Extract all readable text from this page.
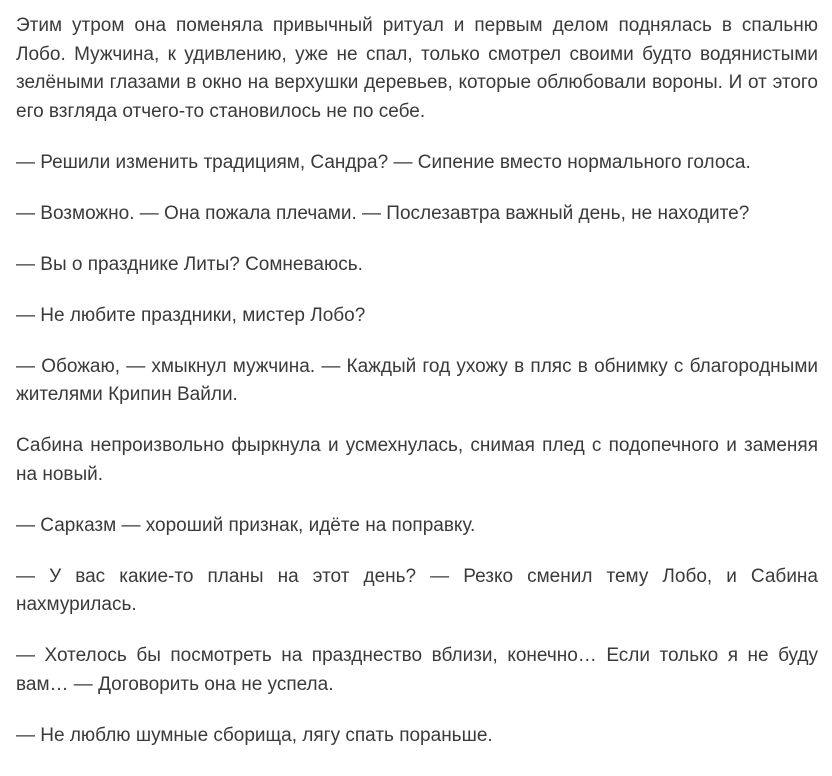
Этим утром она поменяла привычный ритуал и первым делом поднялась в спальню Лобо. Мужчина, к удивлению, уже не спал, только смотрел своими будто водянистыми зелёными глазами в окно на верхушки деревьев, которые облюбовали вороны. И от этого его взгляда отчего-то становилось не по себе.

— Решили изменить традициям, Сандра? — Сипение вместо нормального голоса.

— Возможно. — Она пожала плечами. — Послезавтра важный день, не находите?

— Вы о празднике Литы? Сомневаюсь.

— Не любите праздники, мистер Лобо?

— Обожаю, — хмыкнул мужчина. — Каждый год ухожу в пляс в обнимку с благородными жителями Крипин Вайли.

Сабина непроизвольно фыркнула и усмехнулась, снимая плед с подопечного и заменяя на новый.

— Сарказм — хороший признак, идёте на поправку.

— У вас какие-то планы на этот день? — Резко сменил тему Лобо, и Сабина нахмурилась.

— Хотелось бы посмотреть на празднество вблизи, конечно… Если только я не буду вам… — Договорить она не успела.

— Не люблю шумные сборища, лягу спать пораньше.
